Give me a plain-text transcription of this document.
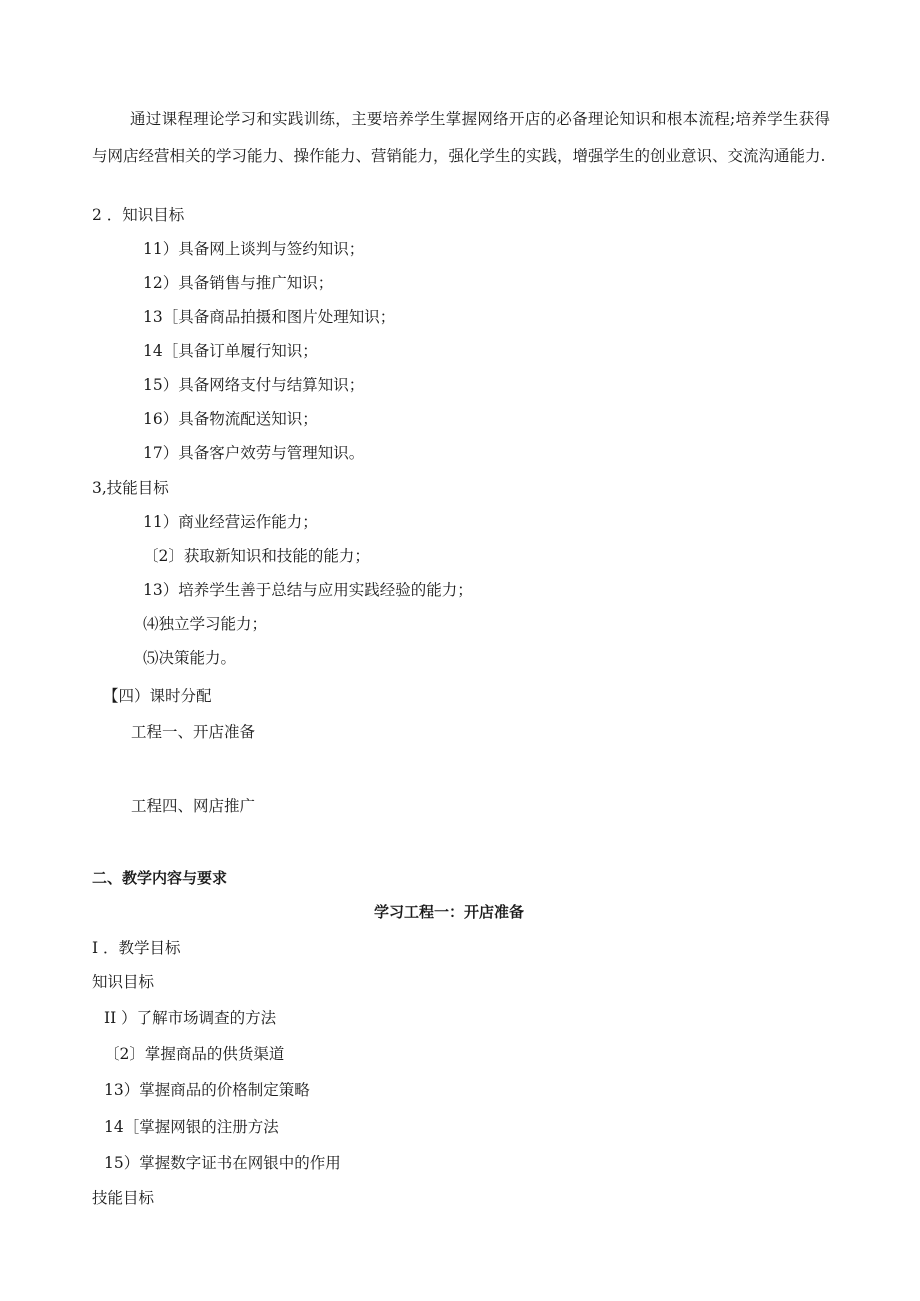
通过课程理论学习和实践训练，主要培养学生掌握网络开店的必备理论知识和根本流程;培养学生获得与网店经营相关的学习能力、操作能力、营销能力，强化学生的实践，增强学生的创业意识、交流沟通能力.
2 ．知识目标
11）具备网上谈判与签约知识；
12）具备销售与推广知识；
13［具备商品拍摄和图片处理知识；
14［具备订单履行知识；
15）具备网络支付与结算知识；
16）具备物流配送知识；
17）具备客户效劳与管理知识。
3,技能目标
11）商业经营运作能力；
〔2〕获取新知识和技能的能力；
13）培养学生善于总结与应用实践经验的能力；
⑷独立学习能力；
⑸决策能力。
【四）课时分配
工程一、开店准备
工程四、网店推广
二、教学内容与要求
学习工程一：开店准备
I ．教学目标
知识目标
II ）了解市场调查的方法
〔2〕掌握商品的供货渠道
13）掌握商品的价格制定策略
14［掌握网银的注册方法
15）掌握数字证书在网银中的作用
技能目标
